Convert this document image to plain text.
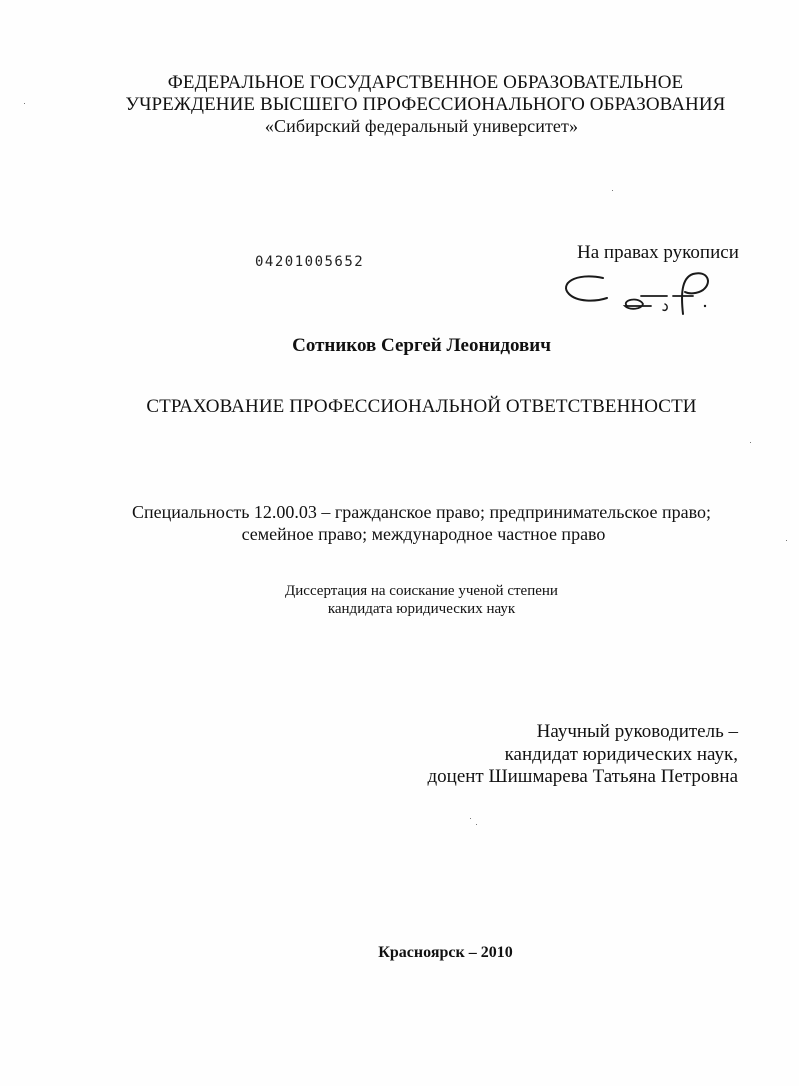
ФЕДЕРАЛЬНОЕ ГОСУДАРСТВЕННОЕ ОБРАЗОВАТЕЛЬНОЕ
УЧРЕЖДЕНИЕ ВЫСШЕГО ПРОФЕССИОНАЛЬНОГО ОБРАЗОВАНИЯ
«Сибирский федеральный университет»
04201005652	На правах рукописи
Сотников Сергей Леонидович
СТРАХОВАНИЕ ПРОФЕССИОНАЛЬНОЙ ОТВЕТСТВЕННОСТИ
Специальность 12.00.03 – гражданское право; предпринимательское право;
семейное право; международное частное право
Диссертация на соискание ученой степени
кандидата юридических наук
Научный руководитель –
кандидат юридических наук,
доцент Шишмарева Татьяна Петровна
Красноярск – 2010
